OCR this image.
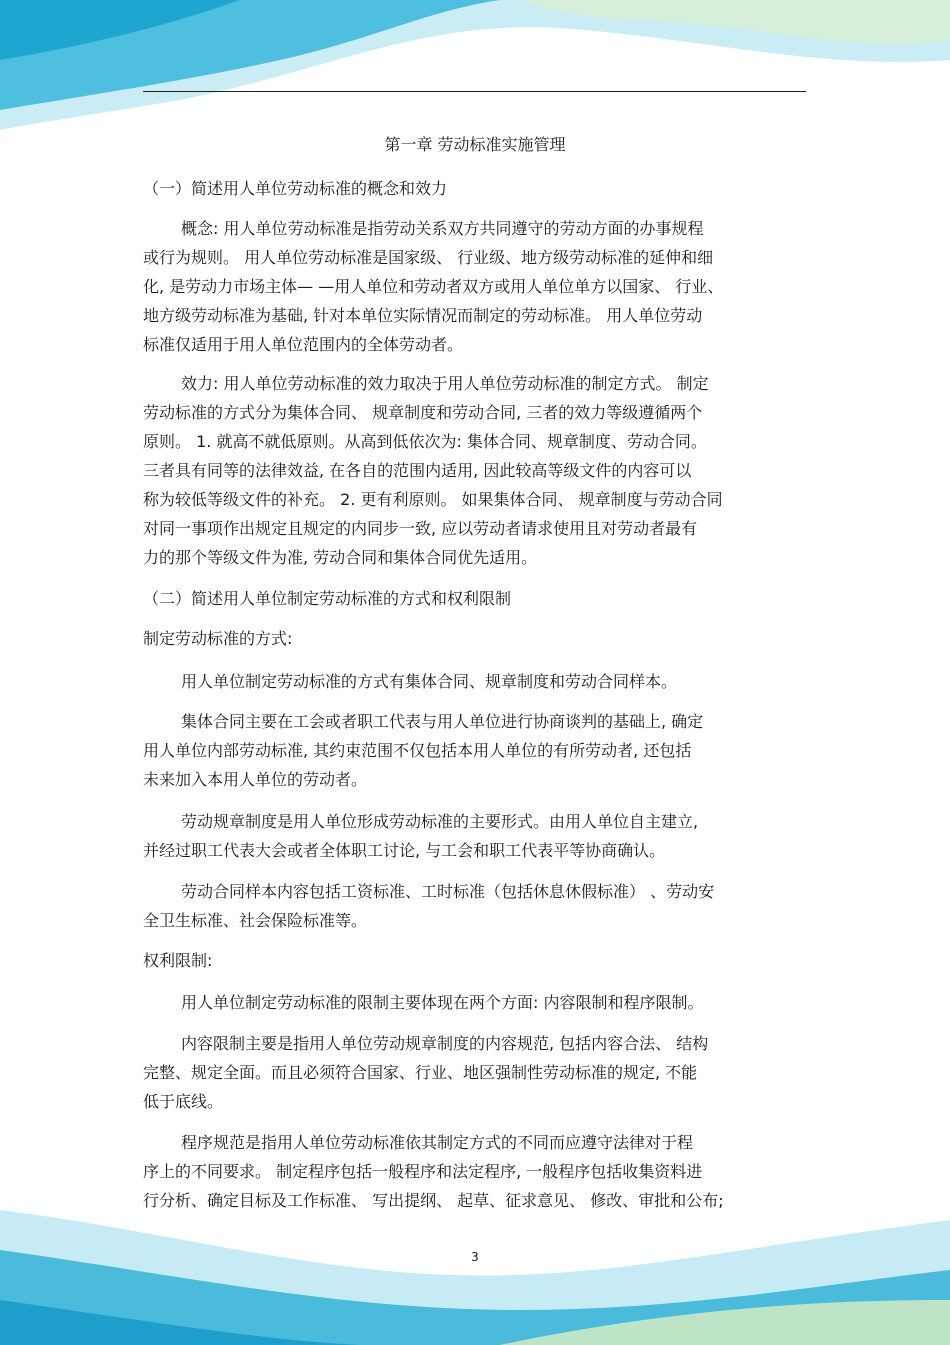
第一章 劳动标准实施管理
（一）简述用人单位劳动标准的概念和效力
概念: 用人单位劳动标准是指劳动关系双方共同遵守的劳动方面的办事规程
或行为规则。 用人单位劳动标准是国家级、 行业级、地方级劳动标准的延伸和细
化, 是劳动力市场主体— —用人单位和劳动者双方或用人单位单方以国家、 行业、
地方级劳动标准为基础, 针对本单位实际情况而制定的劳动标准。 用人单位劳动
标准仅适用于用人单位范围内的全体劳动者。
效力: 用人单位劳动标准的效力取决于用人单位劳动标准的制定方式。 制定
劳动标准的方式分为集体合同、 规章制度和劳动合同, 三者的效力等级遵循两个
原则。 1. 就高不就低原则。从高到低依次为: 集体合同、规章制度、劳动合同。
三者具有同等的法律效益, 在各自的范围内适用, 因此较高等级文件的内容可以
称为较低等级文件的补充。 2. 更有利原则。 如果集体合同、 规章制度与劳动合同
对同一事项作出规定且规定的内同步一致, 应以劳动者请求使用且对劳动者最有
力的那个等级文件为准, 劳动合同和集体合同优先适用。
（二）简述用人单位制定劳动标准的方式和权利限制
制定劳动标准的方式:
用人单位制定劳动标准的方式有集体合同、规章制度和劳动合同样本。
集体合同主要在工会或者职工代表与用人单位进行协商谈判的基础上, 确定
用人单位内部劳动标准, 其约束范围不仅包括本用人单位的有所劳动者, 还包括
未来加入本用人单位的劳动者。
劳动规章制度是用人单位形成劳动标准的主要形式。由用人单位自主建立,
并经过职工代表大会或者全体职工讨论, 与工会和职工代表平等协商确认。
劳动合同样本内容包括工资标准、工时标准（包括休息休假标准） 、劳动安
全卫生标准、社会保险标准等。
权利限制:
用人单位制定劳动标准的限制主要体现在两个方面: 内容限制和程序限制。
内容限制主要是指用人单位劳动规章制度的内容规范, 包括内容合法、 结构
完整、规定全面。而且必须符合国家、行业、地区强制性劳动标准的规定, 不能
低于底线。
程序规范是指用人单位劳动标准依其制定方式的不同而应遵守法律对于程
序上的不同要求。 制定程序包括一般程序和法定程序, 一般程序包括收集资料进
行分析、确定目标及工作标准、 写出提纲、 起草、征求意见、 修改、审批和公布;
3
